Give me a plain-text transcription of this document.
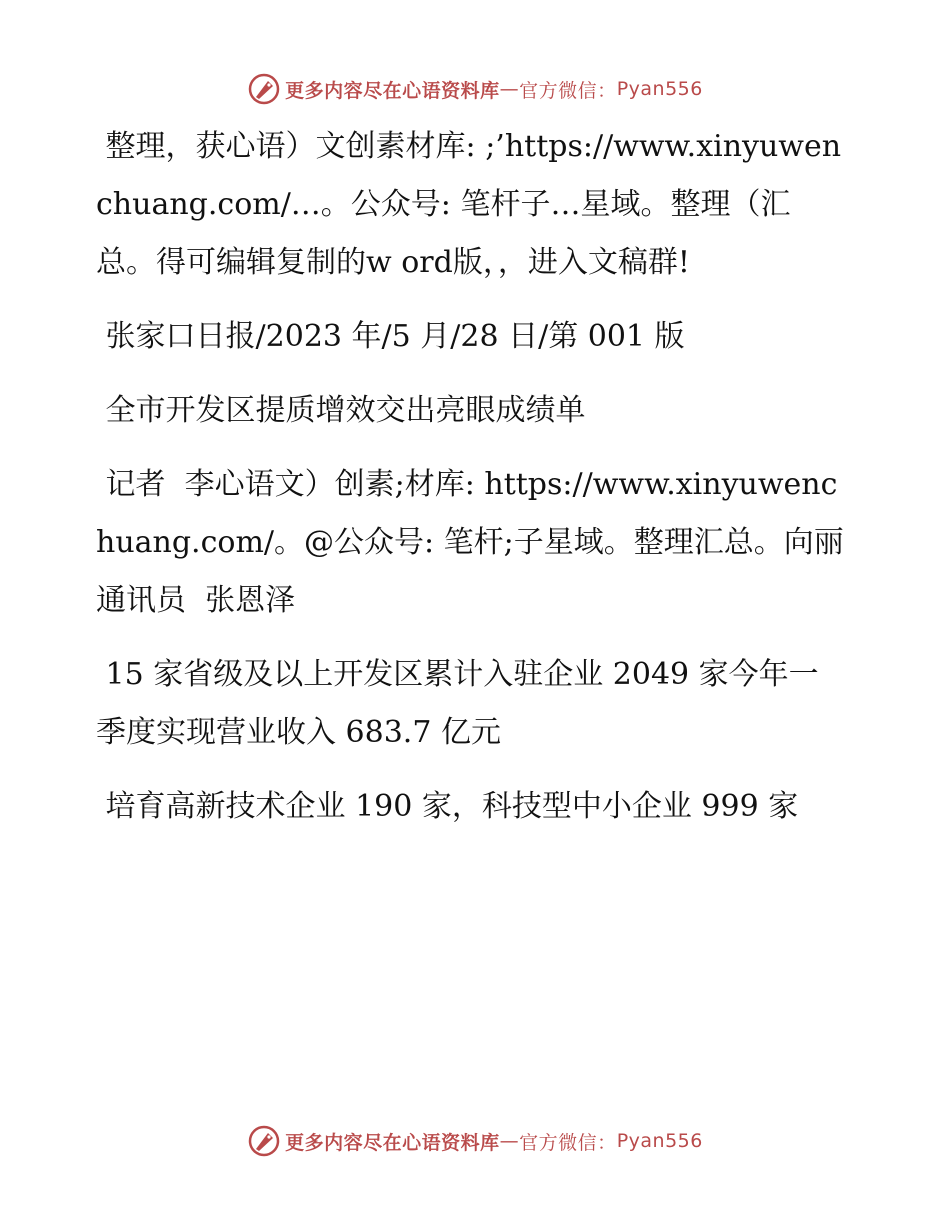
更多内容尽在心语资料库 — 官方微信： Pyan556

整理，获心语）文创素材库: ;’https://www.xinyuwenchuang.com/…。公众号: 笔杆子…星域。整理（汇总。得可编辑复制的w ord版，，进入文稿群!

张家口日报/2023 年/5 月/28 日/第 001 版

全市开发区提质增效交出亮眼成绩单

记者  李心语文）创素;材库: https://www.xinyuwenchuang.com/。@公众号: 笔杆;子星域。整理汇总。向丽  通讯员  张恩泽

15 家省级及以上开发区累计入驻企业 2049 家今年一季度实现营业收入 683.7 亿元

培育高新技术企业 190 家，科技型中小企业 999 家

更多内容尽在心语资料库 — 官方微信： Pyan556
